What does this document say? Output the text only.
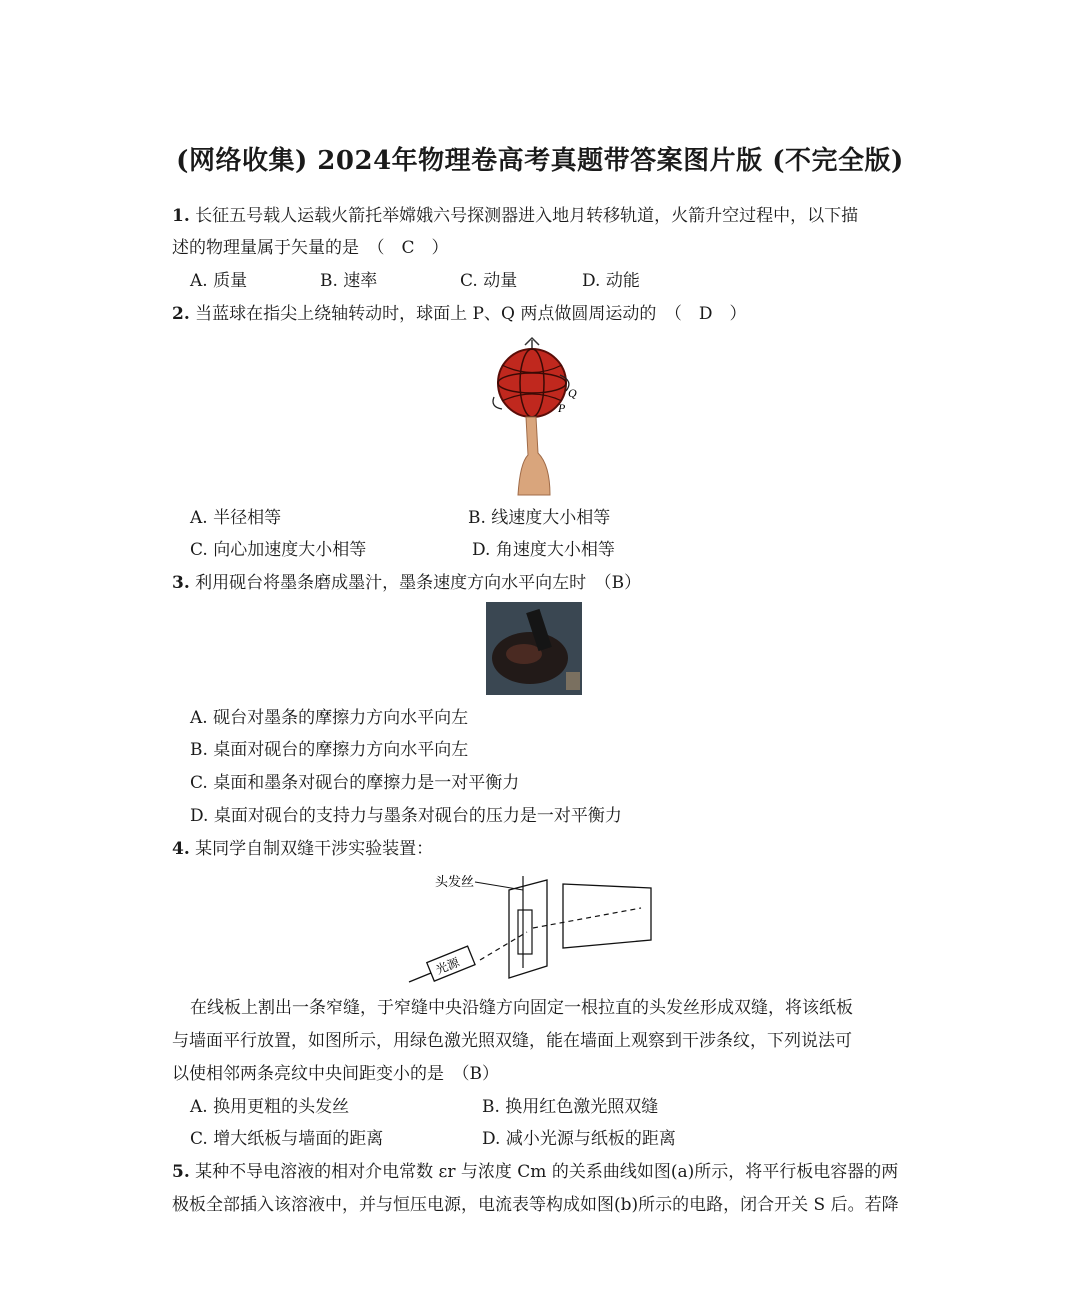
(网络收集) 2024年物理卷高考真题带答案图片版 (不完全版)
1. 长征五号载人运载火箭托举嫦娥六号探测器进入地月转移轨道，火箭升空过程中，以下描
述的物理量属于矢量的是　（　C　）
A. 质量	B. 速率	C. 动量	D. 动能
2. 当蓝球在指尖上绕轴转动时，球面上 P、Q 两点做圆周运动的　（　D　）
Q
P
A. 半径相等	B. 线速度大小相等
C. 向心加速度大小相等	D. 角速度大小相等
3. 利用砚台将墨条磨成墨汁，墨条速度方向水平向左时　（B）
A. 砚台对墨条的摩擦力方向水平向左
B. 桌面对砚台的摩擦力方向水平向左
C. 桌面和墨条对砚台的摩擦力是一对平衡力
D. 桌面对砚台的支持力与墨条对砚台的压力是一对平衡力
4. 某同学自制双缝干涉实验装置：
头发丝
光源
在线板上割出一条窄缝，于窄缝中央沿缝方向固定一根拉直的头发丝形成双缝，将该纸板
与墙面平行放置，如图所示，用绿色激光照双缝，能在墙面上观察到干涉条纹，下列说法可
以使相邻两条亮纹中央间距变小的是　（B）
A. 换用更粗的头发丝	B. 换用红色激光照双缝
C. 增大纸板与墙面的距离	D. 减小光源与纸板的距离
5. 某种不导电溶液的相对介电常数 εr 与浓度 Cm 的关系曲线如图(a)所示，将平行板电容器的两
极板全部插入该溶液中，并与恒压电源，电流表等构成如图(b)所示的电路，闭合开关 S 后。若降
